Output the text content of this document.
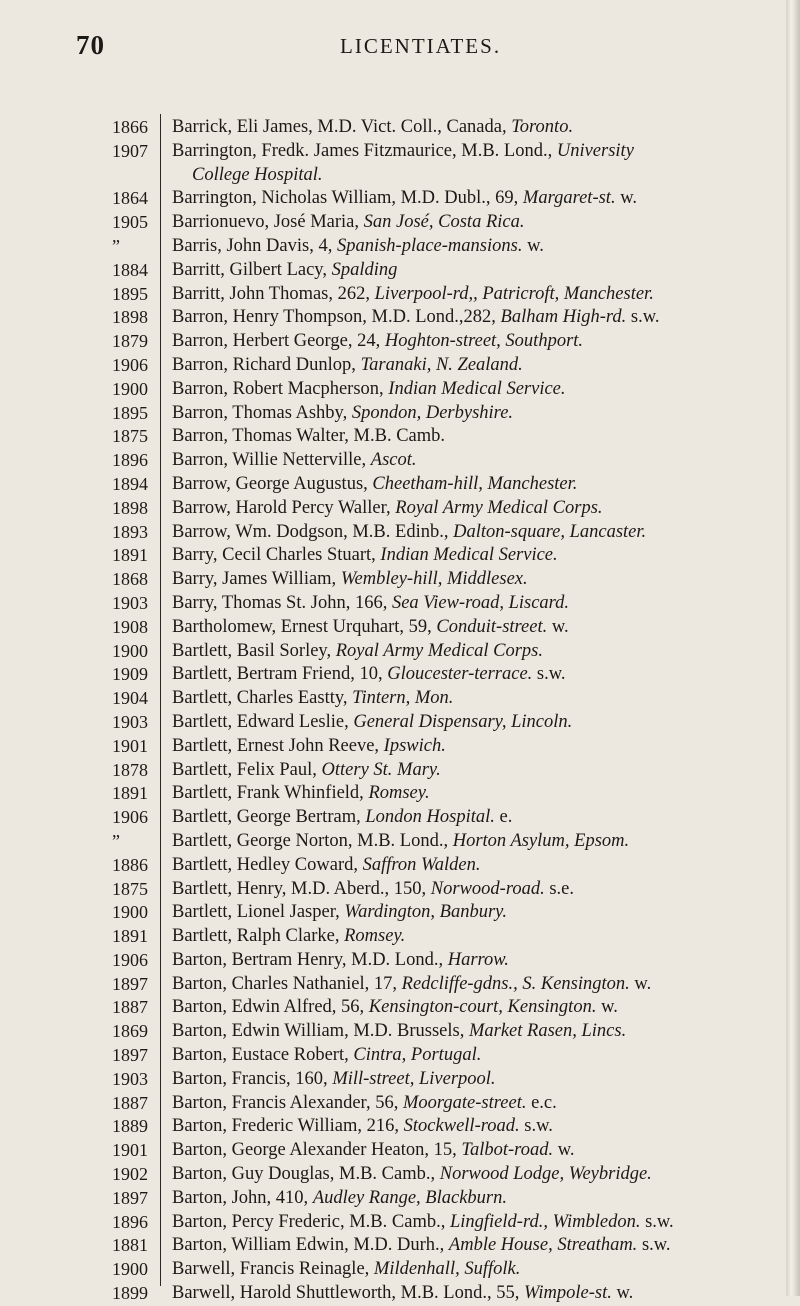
70	LICENTIATES.
1866	Barrick, Eli James, M.D. Vict. Coll., Canada, Toronto.
1907	Barrington, Fredk. James Fitzmaurice, M.B. Lond., University
College Hospital.
1864	Barrington, Nicholas William, M.D. Dubl., 69, Margaret-st. w.
1905	Barrionuevo, José Maria, San José, Costa Rica.
”	Barris, John Davis, 4, Spanish-place-mansions. w.
1884	Barritt, Gilbert Lacy, Spalding
1895	Barritt, John Thomas, 262, Liverpool-rd,, Patricroft, Manchester.
1898	Barron, Henry Thompson, M.D. Lond.,282, Balham High-rd. s.w.
1879	Barron, Herbert George, 24, Hoghton-street, Southport.
1906	Barron, Richard Dunlop, Taranaki, N. Zealand.
1900	Barron, Robert Macpherson, Indian Medical Service.
1895	Barron, Thomas Ashby, Spondon, Derbyshire.
1875	Barron, Thomas Walter, M.B. Camb.
1896	Barron, Willie Netterville, Ascot.
1894	Barrow, George Augustus, Cheetham-hill, Manchester.
1898	Barrow, Harold Percy Waller, Royal Army Medical Corps.
1893	Barrow, Wm. Dodgson, M.B. Edinb., Dalton-square, Lancaster.
1891	Barry, Cecil Charles Stuart, Indian Medical Service.
1868	Barry, James William, Wembley-hill, Middlesex.
1903	Barry, Thomas St. John, 166, Sea View-road, Liscard.
1908	Bartholomew, Ernest Urquhart, 59, Conduit-street. w.
1900	Bartlett, Basil Sorley, Royal Army Medical Corps.
1909	Bartlett, Bertram Friend, 10, Gloucester-terrace. s.w.
1904	Bartlett, Charles Eastty, Tintern, Mon.
1903	Bartlett, Edward Leslie, General Dispensary, Lincoln.
1901	Bartlett, Ernest John Reeve, Ipswich.
1878	Bartlett, Felix Paul, Ottery St. Mary.
1891	Bartlett, Frank Whinfield, Romsey.
1906	Bartlett, George Bertram, London Hospital. e.
”	Bartlett, George Norton, M.B. Lond., Horton Asylum, Epsom.
1886	Bartlett, Hedley Coward, Saffron Walden.
1875	Bartlett, Henry, M.D. Aberd., 150, Norwood-road. s.e.
1900	Bartlett, Lionel Jasper, Wardington, Banbury.
1891	Bartlett, Ralph Clarke, Romsey.
1906	Barton, Bertram Henry, M.D. Lond., Harrow.
1897	Barton, Charles Nathaniel, 17, Redcliffe-gdns., S. Kensington. w.
1887	Barton, Edwin Alfred, 56, Kensington-court, Kensington. w.
1869	Barton, Edwin William, M.D. Brussels, Market Rasen, Lincs.
1897	Barton, Eustace Robert, Cintra, Portugal.
1903	Barton, Francis, 160, Mill-street, Liverpool.
1887	Barton, Francis Alexander, 56, Moorgate-street. e.c.
1889	Barton, Frederic William, 216, Stockwell-road. s.w.
1901	Barton, George Alexander Heaton, 15, Talbot-road. w.
1902	Barton, Guy Douglas, M.B. Camb., Norwood Lodge, Weybridge.
1897	Barton, John, 410, Audley Range, Blackburn.
1896	Barton, Percy Frederic, M.B. Camb., Lingfield-rd., Wimbledon. s.w.
1881	Barton, William Edwin, M.D. Durh., Amble House, Streatham. s.w.
1900	Barwell, Francis Reinagle, Mildenhall, Suffolk.
1899	Barwell, Harold Shuttleworth, M.B. Lond., 55, Wimpole-st. w.
